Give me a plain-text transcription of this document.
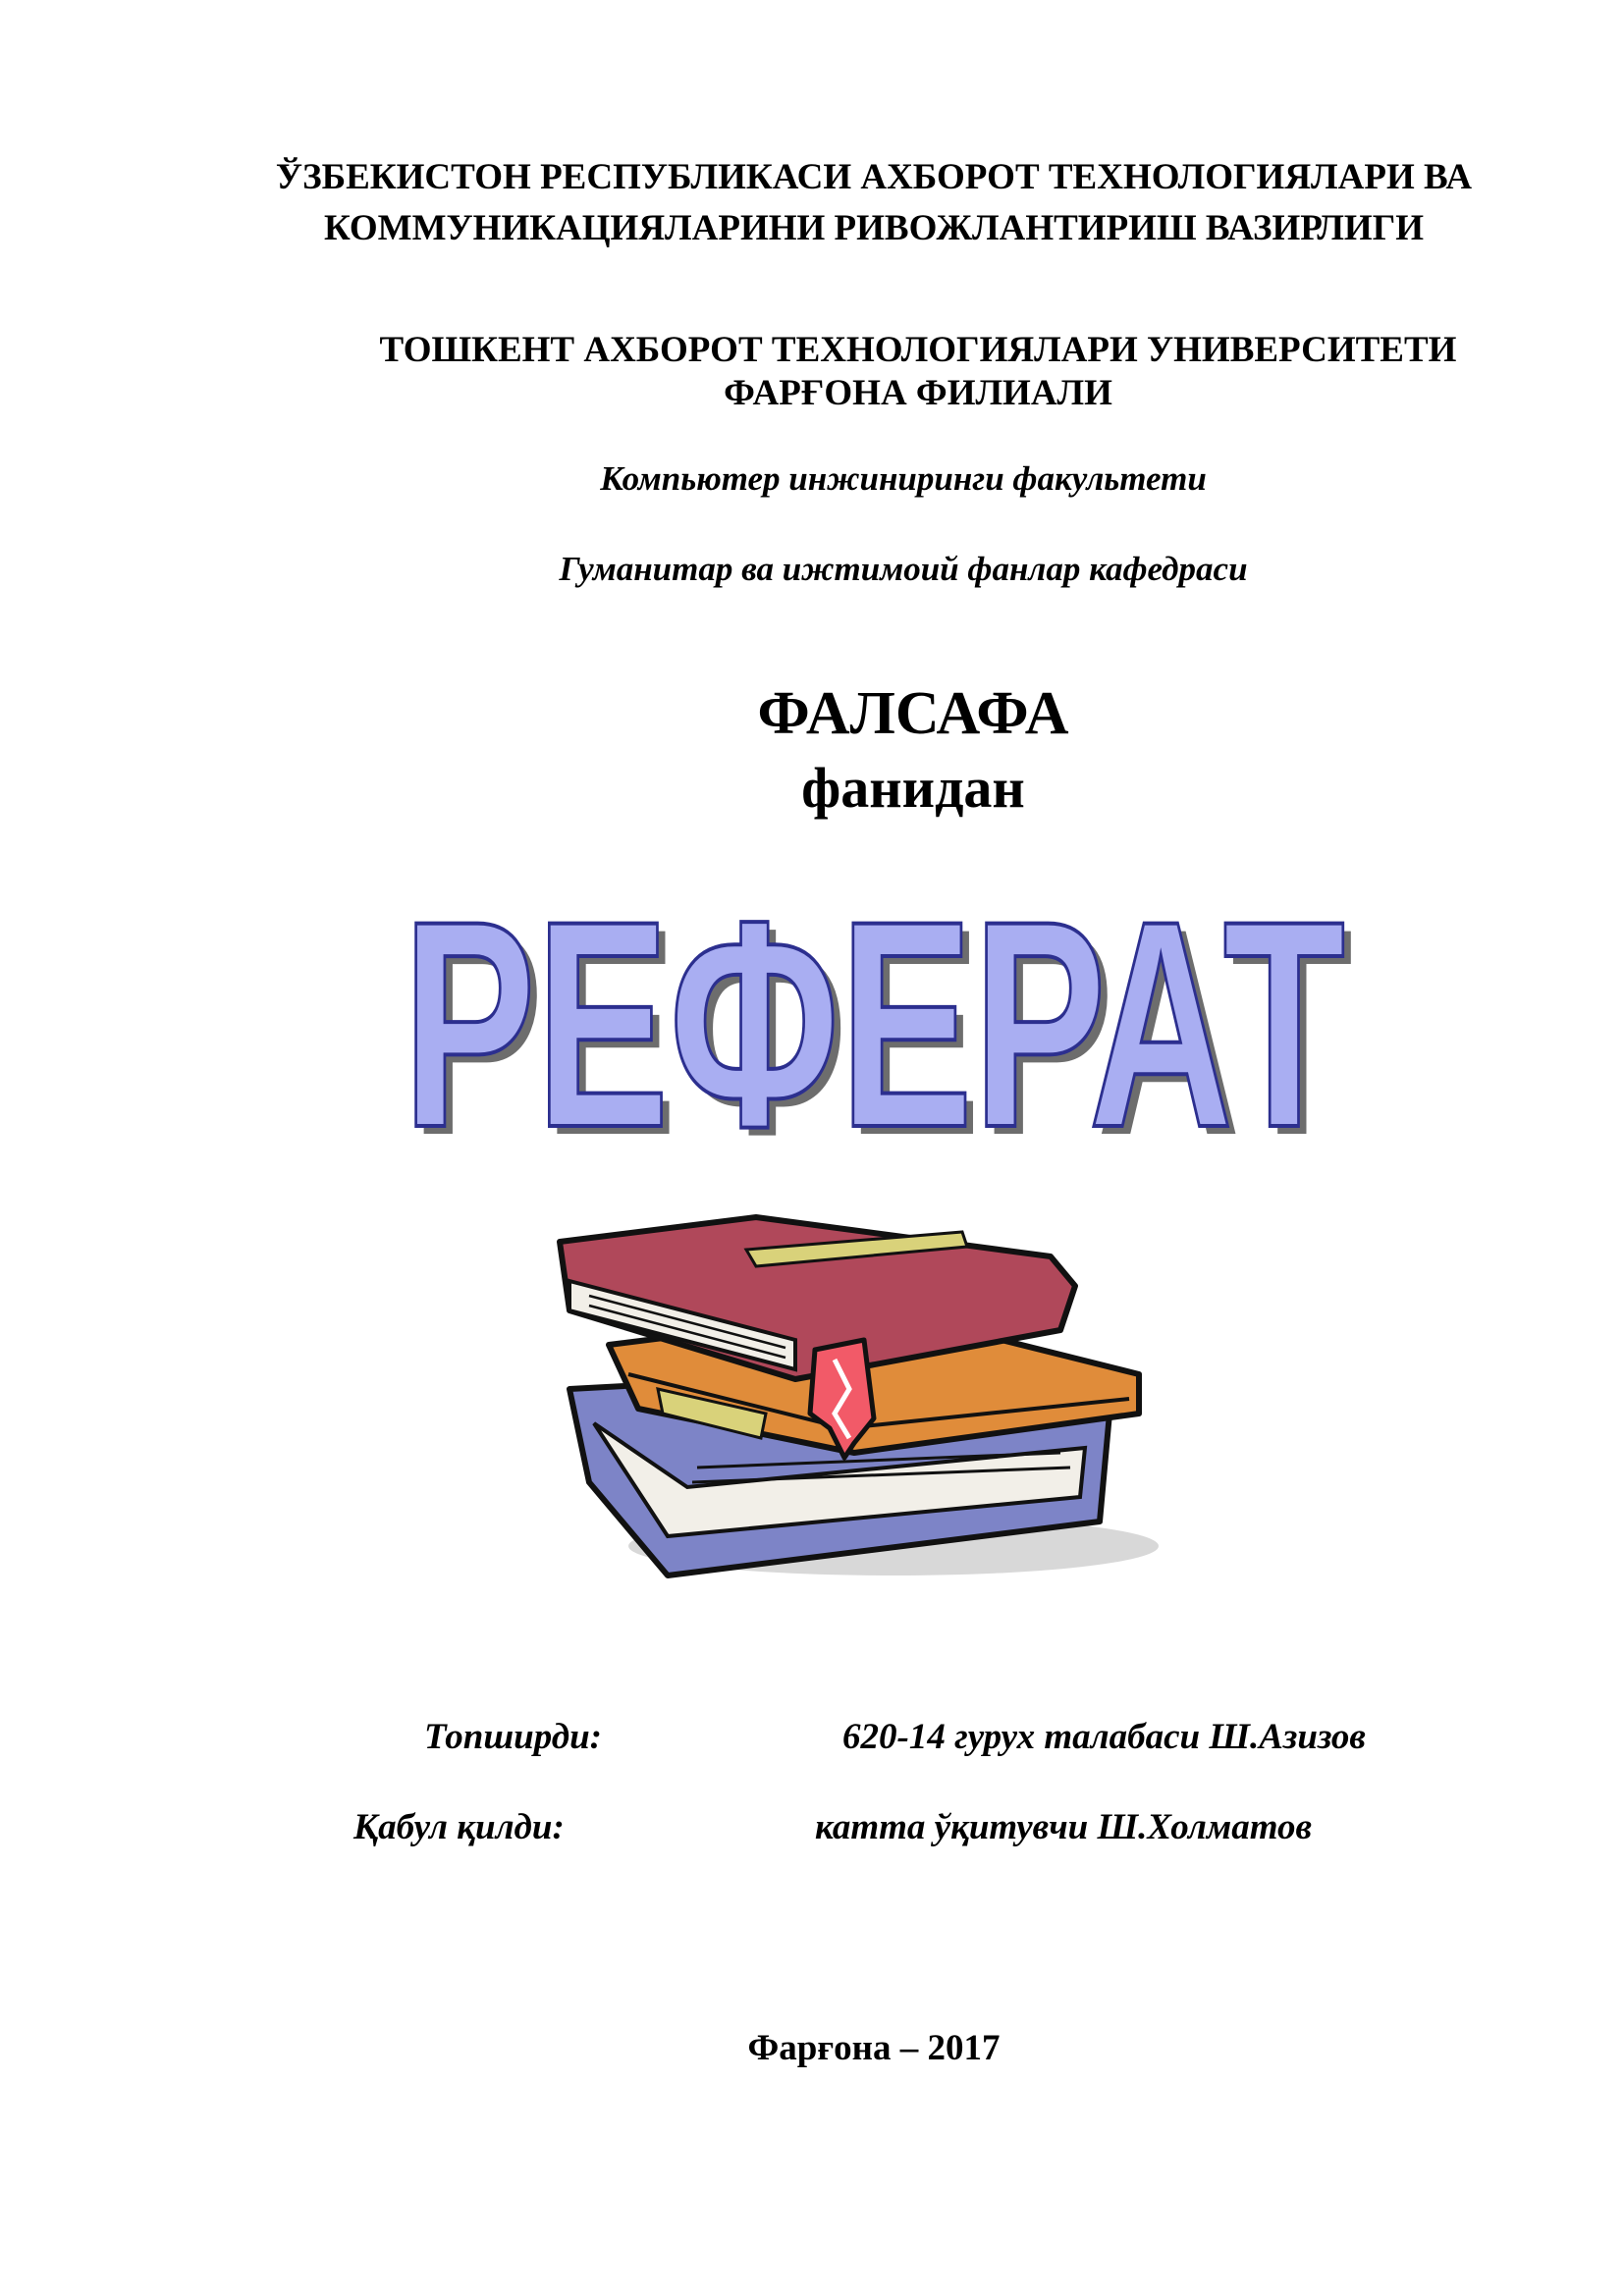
ЎЗБЕКИСТОН РЕСПУБЛИКАСИ АХБОРОТ ТЕХНОЛОГИЯЛАРИ ВА
КОММУНИКАЦИЯЛАРИНИ РИВОЖЛАНТИРИШ ВАЗИРЛИГИ
ТОШКЕНТ АХБОРОТ ТЕХНОЛОГИЯЛАРИ УНИВЕРСИТЕТИ
ФАРҒОНА ФИЛИАЛИ
Компьютер инжиниринги факультети
Гуманитар ва ижтимоий фанлар кафедраси
ФАЛСАФА
фанидан
РЕФЕРАТ
РЕФЕРАТ
Топширди:	620-14 гурух талабаси Ш.Азизов
Қабул қилди:	катта ўқитувчи Ш.Холматов
Фарғона – 2017
